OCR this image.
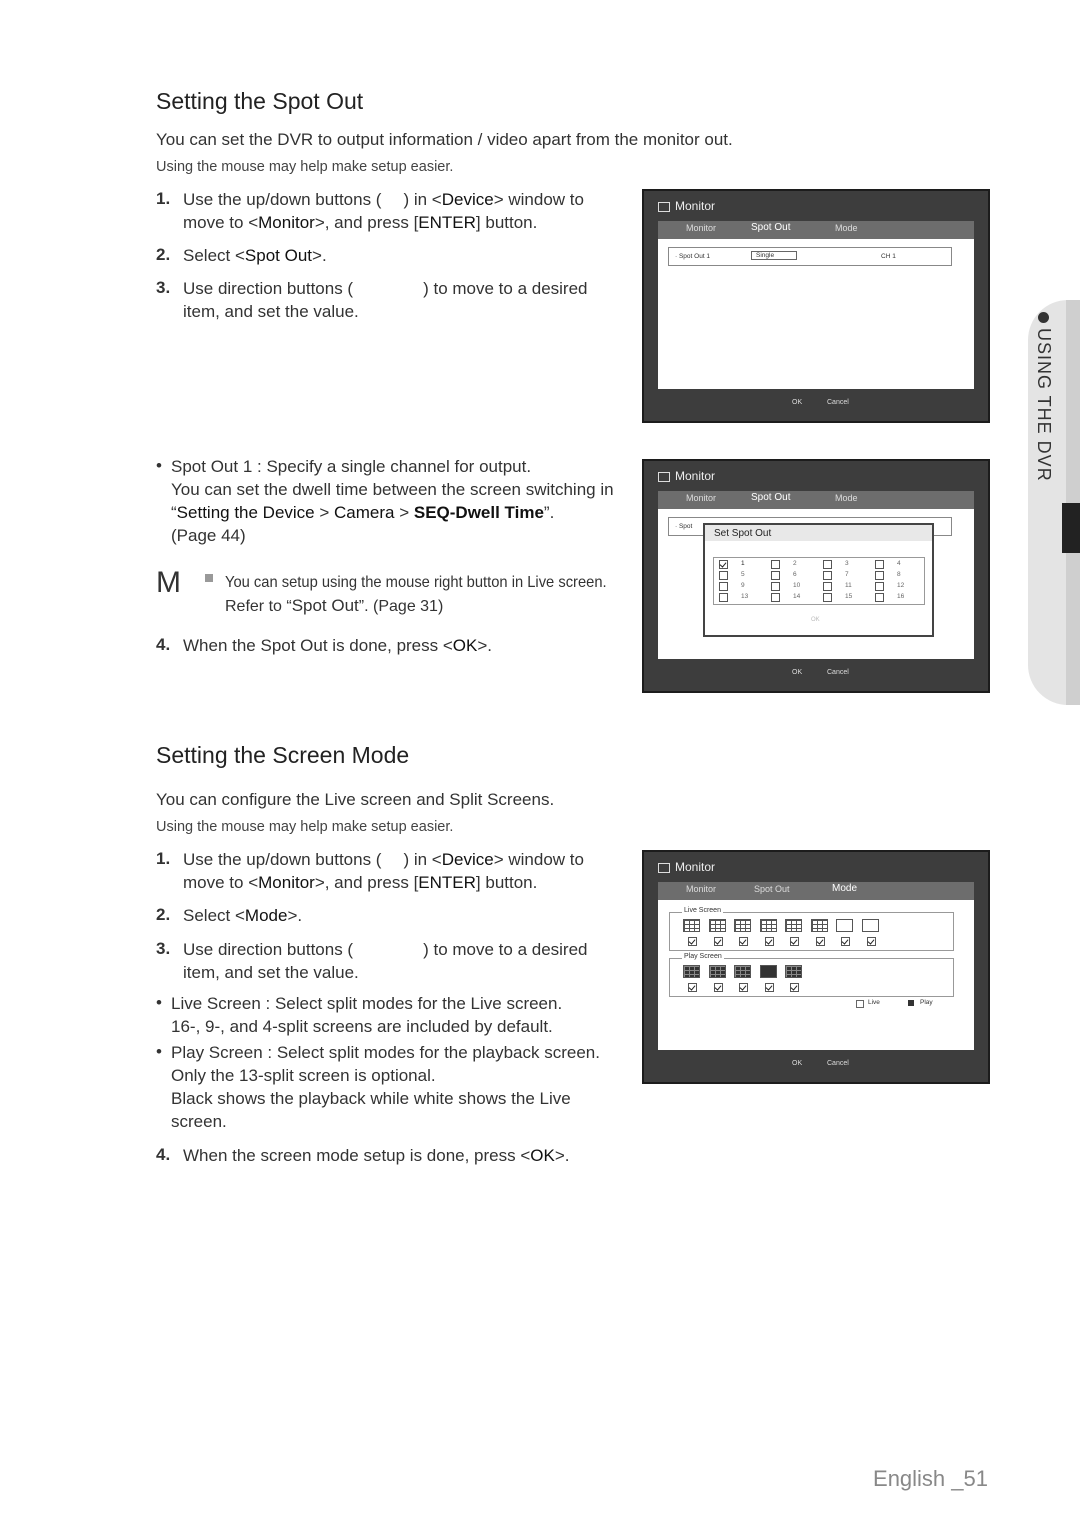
Setting the Spot Out
You can set the DVR to output information / video apart from the monitor out.
Using the mouse may help make setup easier.
1. Use the up/down buttons ( ) in <Device> window to
move to <Monitor>, and press [ENTER] button.
2. Select <Spot Out>.
3. Use direction buttons (	) to move to a desired
item, and set the value.
• Spot Out 1 : Specify a single channel for output.
You can set the dwell time between the screen switching in
“Setting the Device > Camera > SEQ-Dwell Time”.
(Page 44)
M	You can setup using the mouse right button in Live screen.
Refer to “Spot Out”. (Page 31)
4. When the Spot Out is done, press <OK>.
Monitor
Monitor	Spot Out	Mode
· Spot Out 1	Single	CH 1
OK	Cancel
Monitor
Monitor	Spot Out	Mode
· Spot
Set Spot Out
1	2	3	4
5	6	7	8
9	10	11	12
13	14	15	16
OK
OK	Cancel
Setting the Screen Mode
You can configure the Live screen and Split Screens.
Using the mouse may help make setup easier.
1. Use the up/down buttons ( ) in <Device> window to
move to <Monitor>, and press [ENTER] button.
2. Select <Mode>.
3. Use direction buttons (	) to move to a desired
item, and set the value.
• Live Screen : Select split modes for the Live screen.
16-, 9-, and 4-split screens are included by default.
• Play Screen : Select split modes for the playback screen.
Only the 13-split screen is optional.
Black shows the playback while white shows the Live
screen.
4. When the screen mode setup is done, press <OK>.
Monitor
Monitor	Spot Out	Mode
Live Screen
Play Screen
Live	Play
OK	Cancel
USING THE DVR
English _51
